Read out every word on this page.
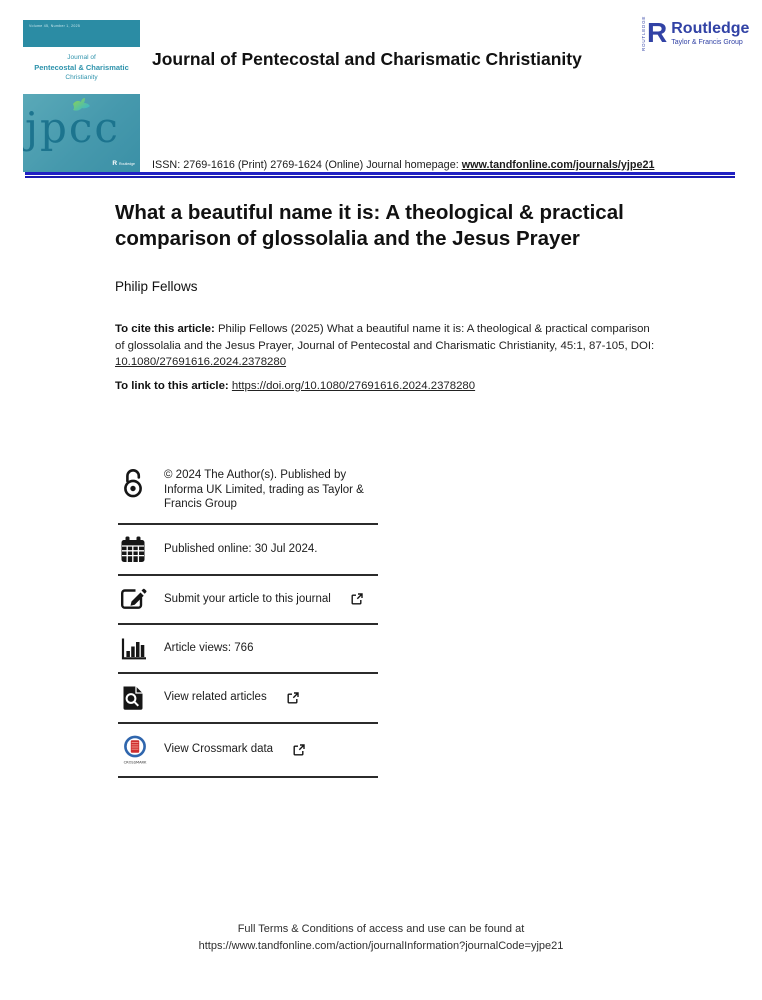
Volume 45, Number 1, 2025
Journal of
Pentecostal & Charismatic
Christianity
jpcc
R Routledge
ROUTLEDGE R Routledge
Taylor & Francis Group
Journal of Pentecostal and Charismatic Christianity
ISSN: 2769-1616 (Print) 2769-1624 (Online) Journal homepage: www.tandfonline.com/journals/yjpe21
What a beautiful name it is: A theological & practical comparison of glossolalia and the Jesus Prayer
Philip Fellows

To cite this article: Philip Fellows (2025) What a beautiful name it is: A theological & practical comparison of glossolalia and the Jesus Prayer, Journal of Pentecostal and Charismatic Christianity, 45:1, 87-105, DOI: 10.1080/27691616.2024.2378280

To link to this article: https://doi.org/10.1080/27691616.2024.2378280

© 2024 The Author(s). Published by Informa UK Limited, trading as Taylor & Francis Group
Published online: 30 Jul 2024.
Submit your article to this journal
Article views: 766
View related articles
CROSSMARK
View Crossmark data
Full Terms & Conditions of access and use can be found at
https://www.tandfonline.com/action/journalInformation?journalCode=yjpe21
